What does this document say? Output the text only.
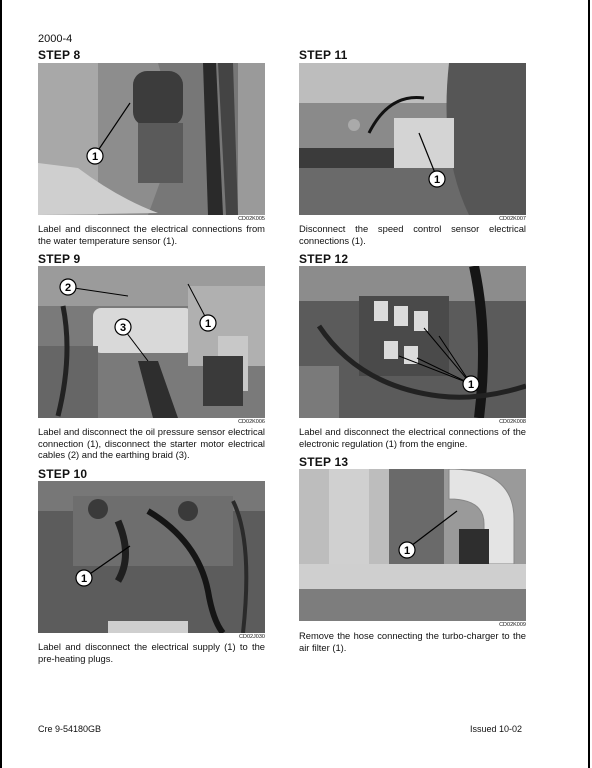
2000-4
STEP 8
1
CD02K005
Label and disconnect the electrical connections from the water temperature sensor (1).
STEP 9
2
1
3
CD02K006
Label and disconnect the oil pressure sensor electrical connection (1), disconnect the starter motor electrical cables (2) and the earthing braid (3).
STEP 10
1
CD02J030
Label and disconnect the electrical supply (1) to the pre-heating plugs.
STEP 11
1
CD02K007
Disconnect the speed control sensor electrical connections (1).
STEP 12
1
CD02K008
Label and disconnect the electrical connections of the electronic regulation (1) from the engine.
STEP 13
1
CD02K009
Remove the hose connecting the turbo-charger to the air filter (1).
Cre 9-54180GB	Issued 10-02
